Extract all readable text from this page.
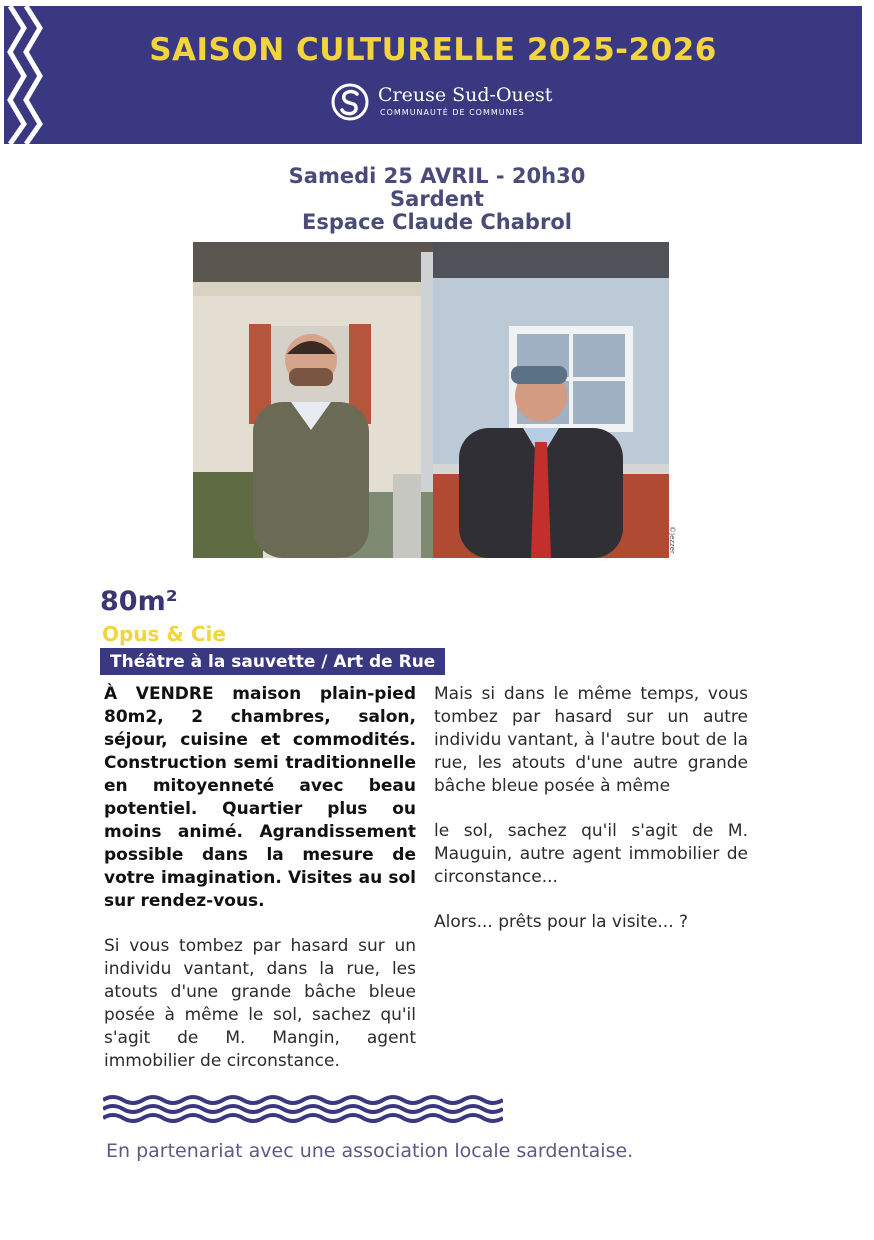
SAISON CULTURELLE 2025-2026
Creuse Sud-Ouest
COMMUNAUTÉ DE COMMUNES
Samedi 25 AVRIL - 20h30
Sardent
Espace Claude Chabrol
©Jezzer
80m²
Opus & Cie
Théâtre à la sauvette / Art de Rue

À VENDRE maison plain-pied 80m2, 2 chambres, salon, séjour, cuisine et commodités. Construction semi traditionnelle en mitoyenneté avec beau potentiel. Quartier plus ou moins animé. Agrandissement possible dans la mesure de votre imagination. Visites au sol sur rendez-vous.

Si vous tombez par hasard sur un individu vantant, dans la rue, les atouts d'une grande bâche bleue posée à même le sol, sachez qu'il s'agit de M. Mangin, agent immobilier de circonstance.

Mais si dans le même temps, vous tombez par hasard sur un autre individu vantant, à l'autre bout de la rue, les atouts d'une autre grande bâche bleue posée à même

le sol, sachez qu'il s'agit de M. Mauguin, autre agent immobilier de circonstance...

Alors... prêts pour la visite... ?

En partenariat avec une association locale sardentaise.
